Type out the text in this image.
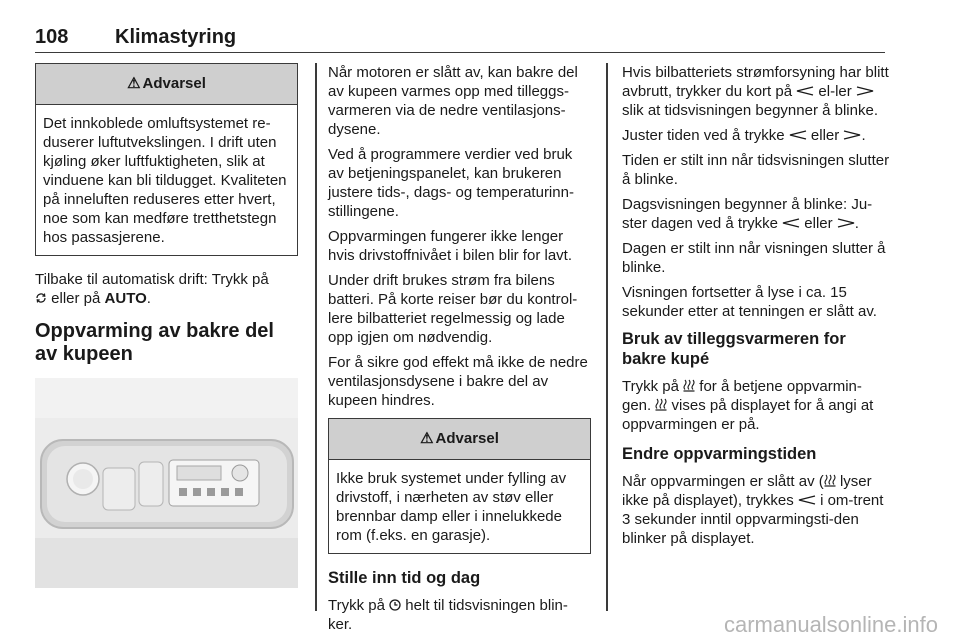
108 Klimastyring
⚠ Advarsel
Det innkoblede omluftsystemet re-duserer luftutvekslingen. I drift uten kjøling øker luftfuktigheten, slik at vinduene kan bli tildugget. Kvaliteten på inneluften reduseres etter hvert, noe som kan medføre tretthetstegn hos passasjerene.

Tilbake til automatisk drift: Trykk på
eller på AUTO.

Oppvarming av bakre del av kupeen

Når motoren er slått av, kan bakre del av kupeen varmes opp med tilleggs-varmeren via de nedre ventilasjons-dysene.

Ved å programmere verdier ved bruk av betjeningspanelet, kan brukeren justere tids-, dags- og temperaturinn-stillingene.

Oppvarmingen fungerer ikke lenger hvis drivstoffnivået i bilen blir for lavt.

Under drift brukes strøm fra bilens batteri. På korte reiser bør du kontrol-lere bilbatteriet regelmessig og lade opp igjen om nødvendig.

For å sikre god effekt må ikke de nedre ventilasjonsdysene i bakre del av kupeen hindres.

⚠ Advarsel
Ikke bruk systemet under fylling av drivstoff, i nærheten av støv eller brennbar damp eller i innelukkede rom (f.eks. en garasje).
Stille inn tid og dag

Trykk på helt til tidsvisningen blin-ker.

Hvis bilbatteriets strømforsyning har blitt avbrutt, trykker du kort på el-ler  slik at tidsvisningen begynner å blinke.

Juster tiden ved å trykke eller .

Tiden er stilt inn når tidsvisningen slutter å blinke.

Dagsvisningen begynner å blinke: Ju-ster dagen ved å trykke eller .

Dagen er stilt inn når visningen slutter å blinke.

Visningen fortsetter å lyse i ca. 15 sekunder etter at tenningen er slått av.

Bruk av tilleggsvarmeren for bakre kupé

Trykk på for å betjene oppvarmin-gen. vises på displayet for å angi at oppvarmingen er på.

Endre oppvarmingstiden

Når oppvarmingen er slått av ( lyser ikke på displayet), trykkes i om-trent 3 sekunder inntil oppvarmingsti-den blinker på displayet.

carmanualsonline.info
